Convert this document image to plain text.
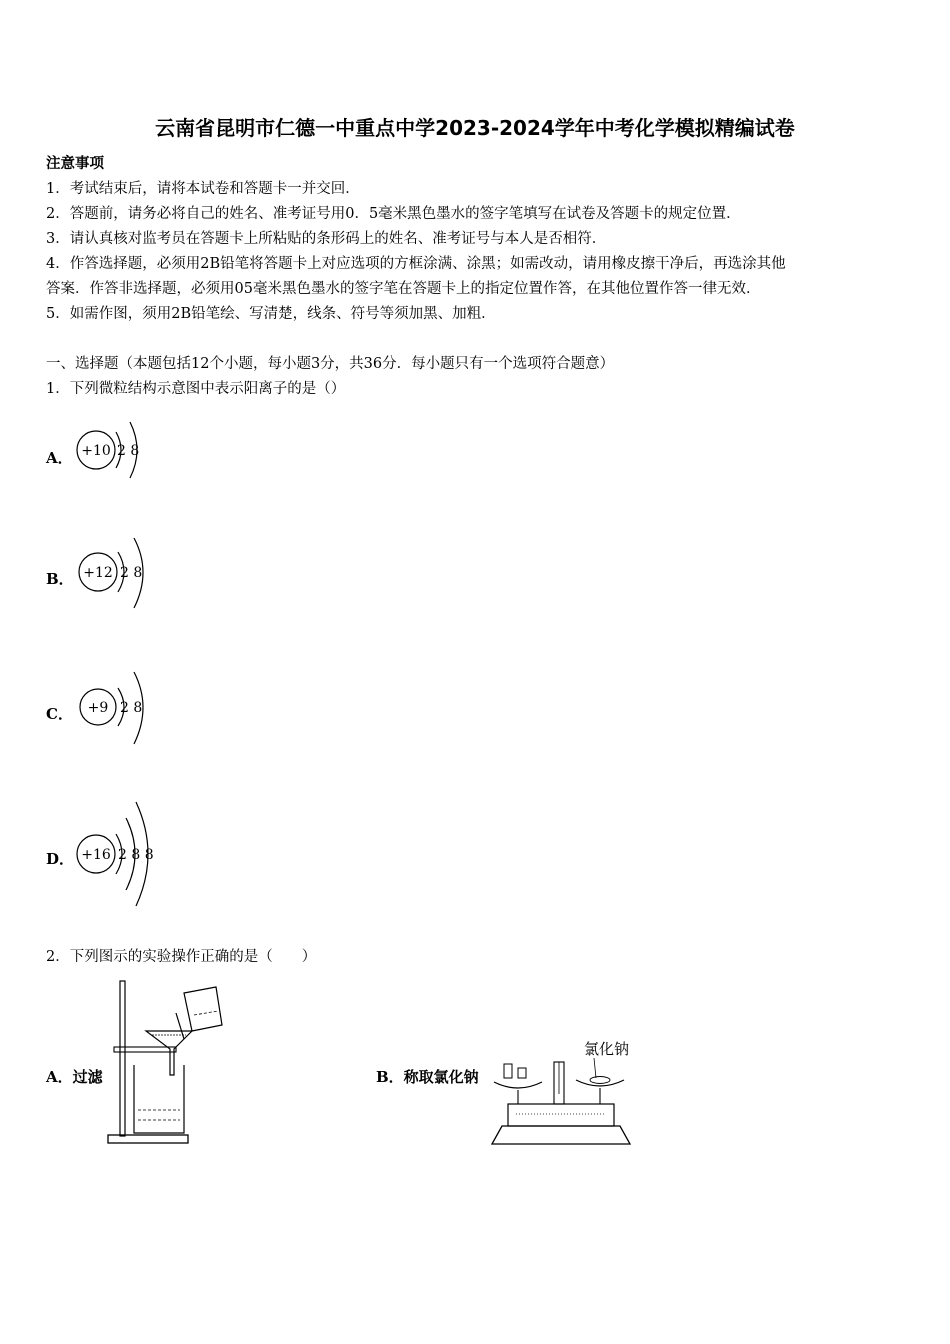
云南省昆明市仁德一中重点中学2023-2024学年中考化学模拟精编试卷
注意事项
1．考试结束后，请将本试卷和答题卡一并交回．
2．答题前，请务必将自己的姓名、准考证号用0．5毫米黑色墨水的签字笔填写在试卷及答题卡的规定位置．
3．请认真核对监考员在答题卡上所粘贴的条形码上的姓名、准考证号与本人是否相符．
4．作答选择题，必须用2B铅笔将答题卡上对应选项的方框涂满、涂黑；如需改动，请用橡皮擦干净后，再选涂其他
答案．作答非选择题，必须用05毫米黑色墨水的签字笔在答题卡上的指定位置作答，在其他位置作答一律无效．
5．如需作图，须用2B铅笔绘、写清楚，线条、符号等须加黑、加粗．
一、选择题（本题包括12个小题，每小题3分，共36分．每小题只有一个选项符合题意）
1．下列微粒结构示意图中表示阳离子的是（）
A． +10 2 8
B． +12 2 8
C． +9 2 8
D． +16 2 8 8
2．下列图示的实验操作正确的是（　　）
A．过滤	B．称取氯化钠
氯化钠
